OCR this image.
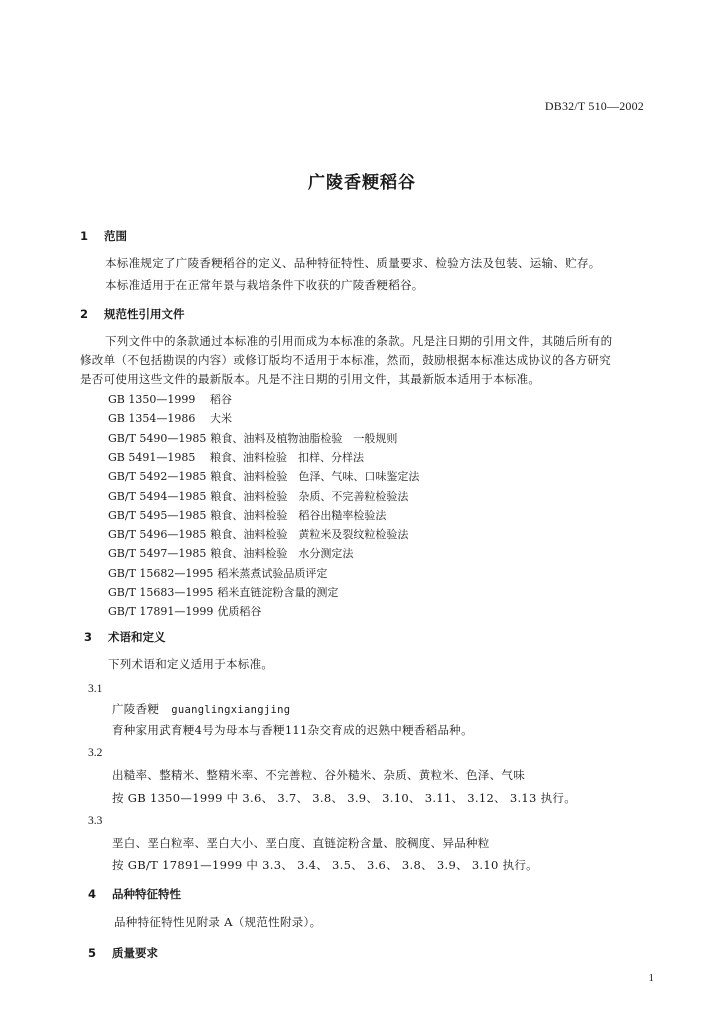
DB32/T 510—2002
广陵香粳稻谷
1 范围
本标准规定了广陵香粳稻谷的定义、品种特征特性、质量要求、检验方法及包装、运输、贮存。
本标准适用于在正常年景与栽培条件下收获的广陵香粳稻谷。
2 规范性引用文件
下列文件中的条款通过本标准的引用而成为本标准的条款。凡是注日期的引用文件，其随后所有的
修改单（不包括勘误的内容）或修订版均不适用于本标准，然而，鼓励根据本标准达成协议的各方研究
是否可使用这些文件的最新版本。凡是不注日期的引用文件，其最新版本适用于本标准。
GB 1350—1999 稻谷
GB 1354—1986 大米
GB/T 5490—1985 粮食、油料及植物油脂检验　一般规则
GB 5491—1985 粮食、油料检验　扣样、分样法
GB/T 5492—1985 粮食、油料检验　色泽、气味、口味鉴定法
GB/T 5494—1985 粮食、油料检验　杂质、不完善粒检验法
GB/T 5495—1985 粮食、油料检验　稻谷出糙率检验法
GB/T 5496—1985 粮食、油料检验　黄粒米及裂纹粒检验法
GB/T 5497—1985 粮食、油料检验　水分测定法
GB/T 15682—1995 稻米蒸煮试验品质评定
GB/T 15683—1995 稻米直链淀粉含量的测定
GB/T 17891—1999 优质稻谷
3 术语和定义
下列术语和定义适用于本标准。
3.1
广陵香粳 guanglingxiangjing
育种家用武育粳4号为母本与香粳111杂交育成的迟熟中粳香稻品种。
3.2
出糙率、整精米、整精米率、不完善粒、谷外糙米、杂质、黄粒米、色泽、气味
按 GB 1350—1999 中 3.6、 3.7、 3.8、 3.9、 3.10、 3.11、 3.12、 3.13 执行。
3.3
垩白、垩白粒率、垩白大小、垩白度、直链淀粉含量、胶稠度、异品种粒
按 GB/T 17891—1999 中 3.3、 3.4、 3.5、 3.6、 3.8、 3.9、 3.10 执行。
4 品种特征特性
品种特征特性见附录 A（规范性附录）。
5 质量要求
1
